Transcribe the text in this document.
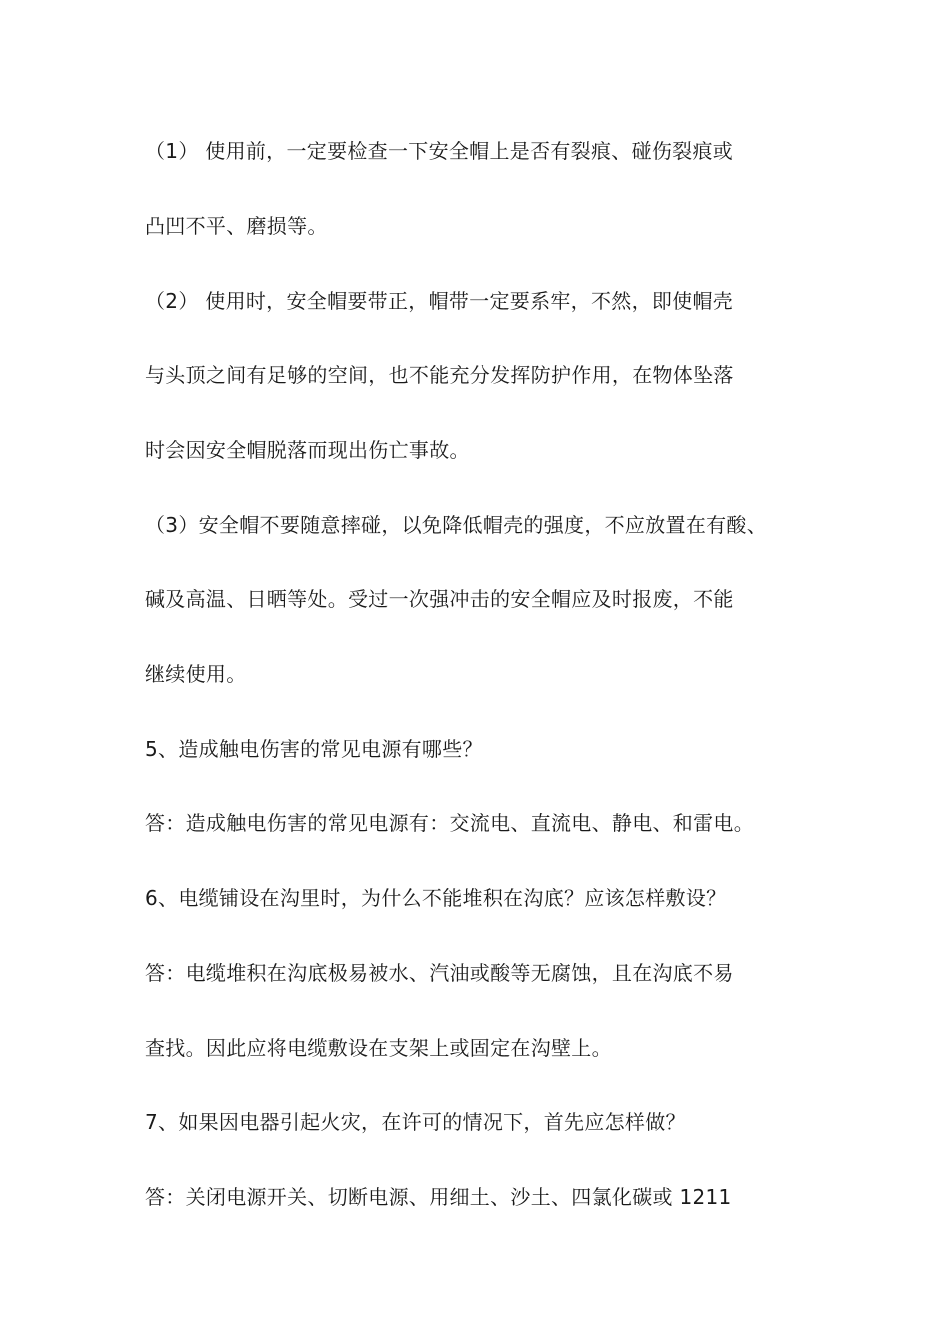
（1） 使用前，一定要检查一下安全帽上是否有裂痕、碰伤裂痕或
凸凹不平、磨损等。
（2） 使用时，安全帽要带正，帽带一定要系牢，不然，即使帽壳
与头顶之间有足够的空间，也不能充分发挥防护作用，在物体坠落
时会因安全帽脱落而现出伤亡事故。
（3）安全帽不要随意摔碰，以免降低帽壳的强度，不应放置在有酸、
碱及高温、日晒等处。受过一次强冲击的安全帽应及时报废，不能
继续使用。
5、造成触电伤害的常见电源有哪些？
答：造成触电伤害的常见电源有：交流电、直流电、静电、和雷电。
6、电缆铺设在沟里时，为什么不能堆积在沟底？应该怎样敷设？
答：电缆堆积在沟底极易被水、汽油或酸等无腐蚀，且在沟底不易
查找。因此应将电缆敷设在支架上或固定在沟壁上。
7、如果因电器引起火灾，在许可的情况下，首先应怎样做？
答：关闭电源开关、切断电源、用细土、沙土、四氯化碳或 1211
